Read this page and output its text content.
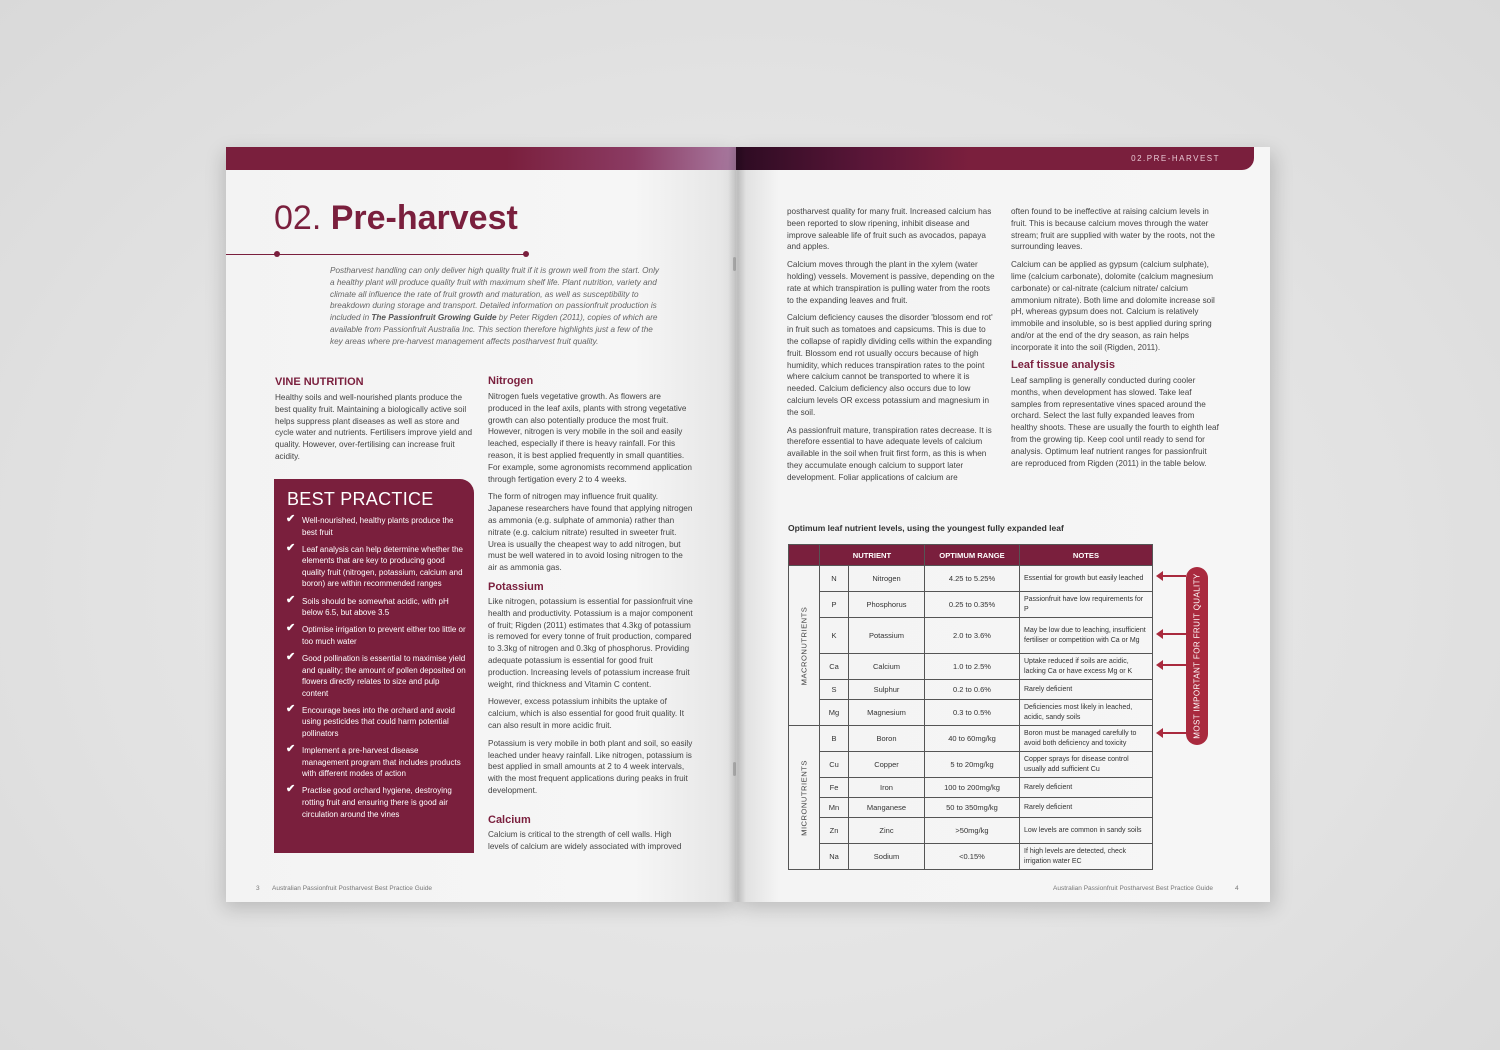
02. Pre-harvest
Postharvest handling can only deliver high quality fruit if it is grown well from the start. Only a healthy plant will produce quality fruit with maximum shelf life. Plant nutrition, variety and climate all influence the rate of fruit growth and maturation, as well as susceptibility to breakdown during storage and transport. Detailed information on passionfruit production is included in The Passionfruit Growing Guide by Peter Rigden (2011), copies of which are available from Passionfruit Australia Inc. This section therefore highlights just a few of the key areas where pre-harvest management affects postharvest fruit quality.
VINE NUTRITION

Healthy soils and well-nourished plants produce the best quality fruit. Maintaining a biologically active soil helps suppress plant diseases as well as store and cycle water and nutrients. Fertilisers improve yield and quality. However, over-fertilising can increase fruit acidity.

BEST PRACTICE
✔ Well-nourished, healthy plants produce the best fruit
✔ Leaf analysis can help determine whether the elements that are key to producing good quality fruit (nitrogen, potassium, calcium and boron) are within recommended ranges
✔ Soils should be somewhat acidic, with pH below 6.5, but above 3.5
✔ Optimise irrigation to prevent either too little or too much water
✔ Good pollination is essential to maximise yield and quality; the amount of pollen deposited on flowers directly relates to size and pulp content
✔ Encourage bees into the orchard and avoid using pesticides that could harm potential pollinators
✔ Implement a pre-harvest disease management program that includes products with different modes of action
✔ Practise good orchard hygiene, destroying rotting fruit and ensuring there is good air circulation around the vines
Nitrogen

Nitrogen fuels vegetative growth. As flowers are produced in the leaf axils, plants with strong vegetative growth can also potentially produce the most fruit. However, nitrogen is very mobile in the soil and easily leached, especially if there is heavy rainfall. For this reason, it is best applied frequently in small quantities. For example, some agronomists recommend application through fertigation every 2 to 4 weeks.

The form of nitrogen may influence fruit quality. Japanese researchers have found that applying nitrogen as ammonia (e.g. sulphate of ammonia) rather than nitrate (e.g. calcium nitrate) resulted in sweeter fruit. Urea is usually the cheapest way to add nitrogen, but must be well watered in to avoid losing nitrogen to the air as ammonia gas.

Potassium

Like nitrogen, potassium is essential for passionfruit vine health and productivity. Potassium is a major component of fruit; Rigden (2011) estimates that 4.3kg of potassium is removed for every tonne of fruit production, compared to 3.3kg of nitrogen and 0.3kg of phosphorus. Providing adequate potassium is essential for good fruit production. Increasing levels of potassium increase fruit weight, rind thickness and Vitamin C content.

However, excess potassium inhibits the uptake of calcium, which is also essential for good fruit quality. It can also result in more acidic fruit.

Potassium is very mobile in both plant and soil, so easily leached under heavy rainfall. Like nitrogen, potassium is best applied in small amounts at 2 to 4 week intervals, with the most frequent applications during peaks in fruit development.

Calcium

Calcium is critical to the strength of cell walls. High levels of calcium are widely associated with improved

3 Australian Passionfruit Postharvest Best Practice Guide
02.PRE-HARVEST

postharvest quality for many fruit. Increased calcium has been reported to slow ripening, inhibit disease and improve saleable life of fruit such as avocados, papaya and apples.

Calcium moves through the plant in the xylem (water holding) vessels. Movement is passive, depending on the rate at which transpiration is pulling water from the roots to the expanding leaves and fruit.

Calcium deficiency causes the disorder 'blossom end rot' in fruit such as tomatoes and capsicums. This is due to the collapse of rapidly dividing cells within the expanding fruit. Blossom end rot usually occurs because of high humidity, which reduces transpiration rates to the point where calcium cannot be transported to where it is needed. Calcium deficiency also occurs due to low calcium levels OR excess potassium and magnesium in the soil.

As passionfruit mature, transpiration rates decrease. It is therefore essential to have adequate levels of calcium available in the soil when fruit first form, as this is when they accumulate enough calcium to support later development. Foliar applications of calcium are

often found to be ineffective at raising calcium levels in fruit. This is because calcium moves through the water stream; fruit are supplied with water by the roots, not the surrounding leaves.

Calcium can be applied as gypsum (calcium sulphate), lime (calcium carbonate), dolomite (calcium magnesium carbonate) or cal-nitrate (calcium nitrate/ calcium ammonium nitrate). Both lime and dolomite increase soil pH, whereas gypsum does not. Calcium is relatively immobile and insoluble, so is best applied during spring and/or at the end of the dry season, as rain helps incorporate it into the soil (Rigden, 2011).

Leaf tissue analysis

Leaf sampling is generally conducted during cooler months, when development has slowed. Take leaf samples from representative vines spaced around the orchard. Select the last fully expanded leaves from healthy shoots. These are usually the fourth to eighth leaf from the growing tip. Keep cool until ready to send for analysis. Optimum leaf nutrient ranges for passionfruit are reproduced from Rigden (2011) in the table below.

Optimum leaf nutrient levels, using the youngest fully expanded leaf
	NUTRIENT		OPTIMUM RANGE	NOTES

MACRONUTRIENTS	N	Nitrogen	4.25 to 5.25%	Essential for growth but easily leached
	P	Phosphorus	0.25 to 0.35%	Passionfruit have low requirements for P
	K	Potassium	2.0 to 3.6%	May be low due to leaching, insufficient fertiliser or competition with Ca or Mg
	Ca	Calcium	1.0 to 2.5%	Uptake reduced if soils are acidic, lacking Ca or have excess Mg or K
	S	Sulphur	0.2 to 0.6%	Rarely deficient
	Mg	Magnesium	0.3 to 0.5%	Deficiencies most likely in leached, acidic, sandy soils

MICRONUTRIENTS	B	Boron	40 to 60mg/kg	Boron must be managed carefully to avoid both deficiency and toxicity
	Cu	Copper	5 to 20mg/kg	Copper sprays for disease control usually add sufficient Cu
	Fe	Iron	100 to 200mg/kg	Rarely deficient
	Mn	Manganese	50 to 350mg/kg	Rarely deficient
	Zn	Zinc	>50mg/kg	Low levels are common in sandy soils
	Na	Sodium	<0.15%	If high levels are detected, check irrigation water EC
MOST IMPORTANT FOR FRUIT QUALITY
Australian Passionfruit Postharvest Best Practice Guide	4
